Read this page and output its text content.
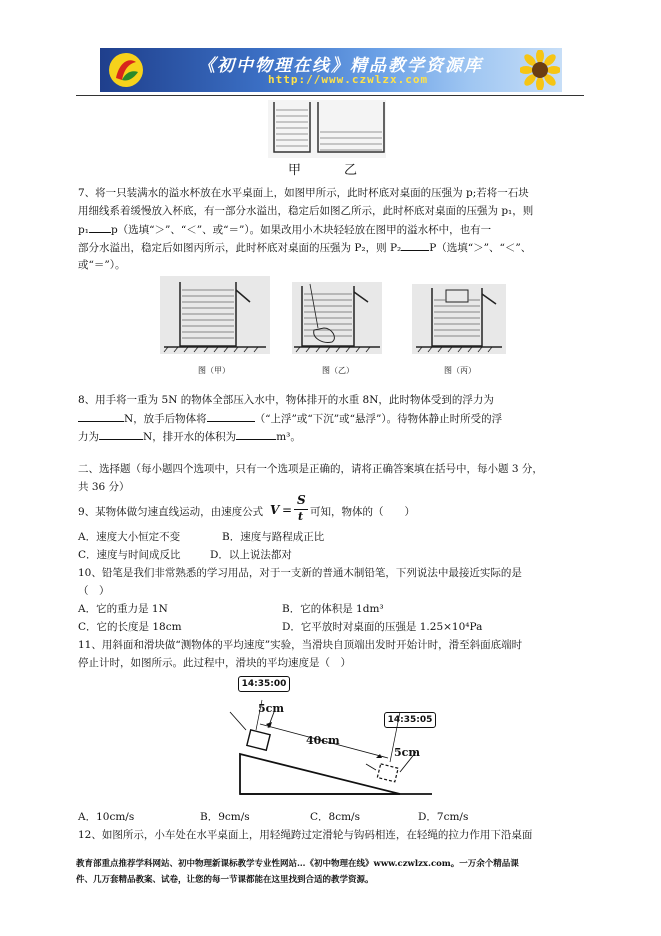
《初中物理在线》精品教学资源库
http://www.czwlzx.com
甲	乙
7、将一只装满水的溢水杯放在水平桌面上，如图甲所示，此时杯底对桌面的压强为 p;若将一石块
用细线系着缓慢放入杯底，有一部分水溢出，稳定后如图乙所示，此时杯底对桌面的压强为 p₁，则
p₁ p（选填“＞”、“＜”、或“＝”）。如果改用小木块轻轻放在图甲的溢水杯中，也有一
部分水溢出，稳定后如图丙所示，此时杯底对桌面的压强为 P₂，则 P₂	P（选填“＞”、“＜”、
或“＝”）。
图（甲）	图（乙）	图（丙）
8、用手将一重为 5N 的物体全部压入水中，物体排开的水重 8N，此时物体受到的浮力为
N，放手后物体将	（“上浮”或“下沉”或“悬浮”）。待物体静止时所受的浮
力为	N，排开水的体积为	m³。
二、选择题（每小题四个选项中，只有一个选项是正确的，请将正确答案填在括号中，每小题 3 分，
共 36 分）
9、某物体做匀速直线运动，由速度公式 V =
S
t 可知，物体的（　　）
A．速度大小恒定不变	B．速度与路程成正比
C．速度与时间成反比	D．以上说法都对
10、铅笔是我们非常熟悉的学习用品，对于一支新的普通木制铅笔，下列说法中最接近实际的是
（　）
A．它的重力是 1N	B．它的体积是 1dm³
C．它的长度是 18cm	D．它平放时对桌面的压强是 1.25×10⁴Pa
11、用斜面和滑块做“测物体的平均速度”实验，当滑块自顶端出发时开始计时，滑至斜面底端时
停止计时，如图所示。此过程中，滑块的平均速度是（　）
14:35:00
14:35:05
5cm
40cm
5cm
A．10cm/s	B．9cm/s	C．8cm/s	D．7cm/s
12、如图所示，小车处在水平桌面上，用轻绳跨过定滑轮与钩码相连，在轻绳的拉力作用下沿桌面
教育部重点推荐学科网站、初中物理新课标教学专业性网站…《初中物理在线》www.czwlzx.com。一万余个精品课
件、几万套精品教案、试卷，让您的每一节课都能在这里找到合适的教学资源。
